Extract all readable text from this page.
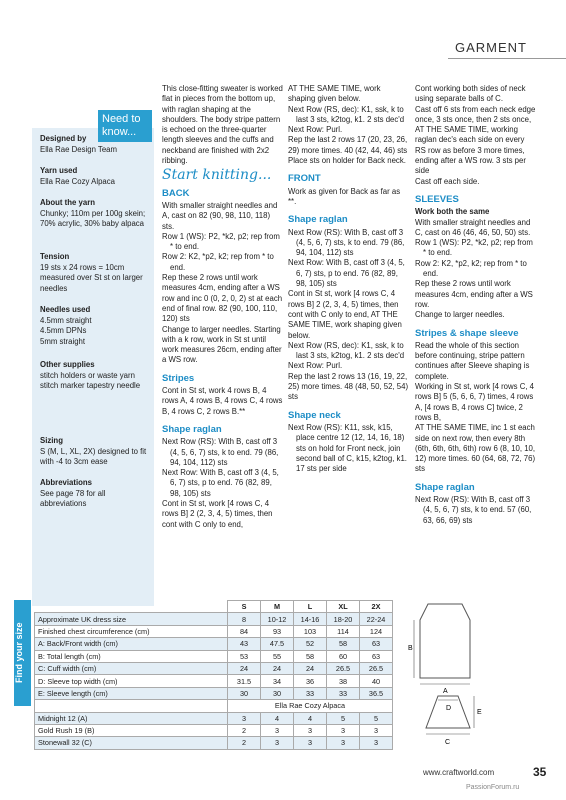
GARMENT
Need to know...
Designed by
Ella Rae Design Team
Yarn used
Ella Rae Cozy Alpaca
About the yarn
Chunky; 110m per 100g skein; 70% acrylic, 30% baby alpaca
Tension
19 sts x 24 rows = 10cm measured over St st on larger needles
Needles used
4.5mm straight
4.5mm DPNs
5mm straight
Other supplies
stitch holders or waste yarn stitch marker tapestry needle
Sizing
S (M, L, XL, 2X) designed to fit with -4 to 3cm ease
Abbreviations
See page 78 for all abbreviations
This close-fitting sweater is worked flat in pieces from the bottom up, with raglan shaping at the shoulders. The body stripe pattern is echoed on the three-quarter length sleeves and the cuffs and neckband are finished with 2x2 ribbing.
Start knitting...
BACK
With smaller straight needles and A, cast on 82 (90, 98, 110, 118) sts.
Row 1 (WS): P2, *k2, p2; rep from * to end.
Row 2: K2, *p2, k2; rep from * to end.
Rep these 2 rows until work measures 4cm, ending after a WS row and inc 0 (0, 2, 0, 2) st at each end of final row. 82 (90, 100, 110, 120) sts
Change to larger needles. Starting with a k row, work in St st until work measures 26cm, ending after a WS row.
Stripes
Cont in St st, work 4 rows B, 4 rows A, 4 rows B, 4 rows C, 4 rows B, 4 rows C, 2 rows B.**
Shape raglan
Next Row (RS): With B, cast off 3 (4, 5, 6, 7) sts, k to end. 79 (86, 94, 104, 112) sts
Next Row: With B, cast off 3 (4, 5, 6, 7) sts, p to end. 76 (82, 89, 98, 105) sts
Cont in St st, work [4 rows C, 4 rows B] 2 (2, 3, 4, 5) times, then cont with C only to end,
AT THE SAME TIME, work shaping given below.
Next Row (RS, dec): K1, ssk, k to last 3 sts, k2tog, k1. 2 sts dec'd
Next Row: Purl.
Rep the last 2 rows 17 (20, 23, 26, 29) more times. 40 (42, 44, 46) sts
Place sts on holder for Back neck.
FRONT
Work as given for Back as far as **.
Shape raglan
Next Row (RS): With B, cast off 3 (4, 5, 6, 7) sts, k to end. 79 (86, 94, 104, 112) sts
Next Row: With B, cast off 3 (4, 5, 6, 7) sts, p to end. 76 (82, 89, 98, 105) sts
Cont in St st, work [4 rows C, 4 rows B] 2 (2, 3, 4, 5) times, then cont with C only to end, AT THE SAME TIME, work shaping given below.
Next Row (RS, dec): K1, ssk, k to last 3 sts, k2tog, k1. 2 sts dec'd
Next Row: Purl.
Rep the last 2 rows 13 (16, 19, 22, 25) more times. 48 (48, 50, 52, 54) sts
Shape neck
Next Row (RS): K11, ssk, k15, place centre 12 (12, 14, 16, 18) sts on hold for Front neck, join second ball of C, k15, k2tog, k1. 17 sts per side
Cont working both sides of neck using separate balls of C.
Cast off 6 sts from each neck edge once, 3 sts once, then 2 sts once, AT THE SAME TIME, working raglan dec's each side on every RS row as before 3 more times, ending after a WS row. 3 sts per side
Cast off each side.
SLEEVES
Work both the same
With smaller straight needles and C, cast on 46 (46, 46, 50, 50) sts.
Row 1 (WS): P2, *k2, p2; rep from * to end.
Row 2: K2, *p2, k2; rep from * to end.
Rep these 2 rows until work measures 4cm, ending after a WS row.
Change to larger needles.
Stripes & shape sleeve
Read the whole of this section before continuing, stripe pattern continues after Sleeve shaping is complete.
Working in St st, work [4 rows C, 4 rows B] 5 (5, 6, 6, 7) times, 4 rows A, [4 rows B, 4 rows C] twice, 2 rows B,
AT THE SAME TIME, inc 1 st each side on next row, then every 8th (6th, 6th, 6th, 6th) row 6 (8, 10, 10, 12) more times. 60 (64, 68, 72, 76) sts
Shape raglan
Next Row (RS): With B, cast off 3 (4, 5, 6, 7) sts, k to end. 57 (60, 63, 66, 69) sts
Find your size
	S	M	L	XL	2X
Approximate UK dress size	8	10-12	14-16	18-20	22-24
Finished chest circumference (cm)	84	93	103	114	124
A: Back/Front width (cm)	43	47.5	52	58	63
B: Total length (cm)	53	55	58	60	63
C: Cuff width (cm)	24	24	24	26.5	26.5
D: Sleeve top width (cm)	31.5	34	36	38	40
E: Sleeve length (cm)	30	30	33	33	36.5
	Ella Rae Cozy Alpaca				
Midnight 12 (A)	3	4	4	5	5
Gold Rush 19 (B)	2	3	3	3	3
Stonewall 32 (C)	2	3	3	3	3
A
B
C
D
E
www.craftworld.com	35
PassionForum.ru
